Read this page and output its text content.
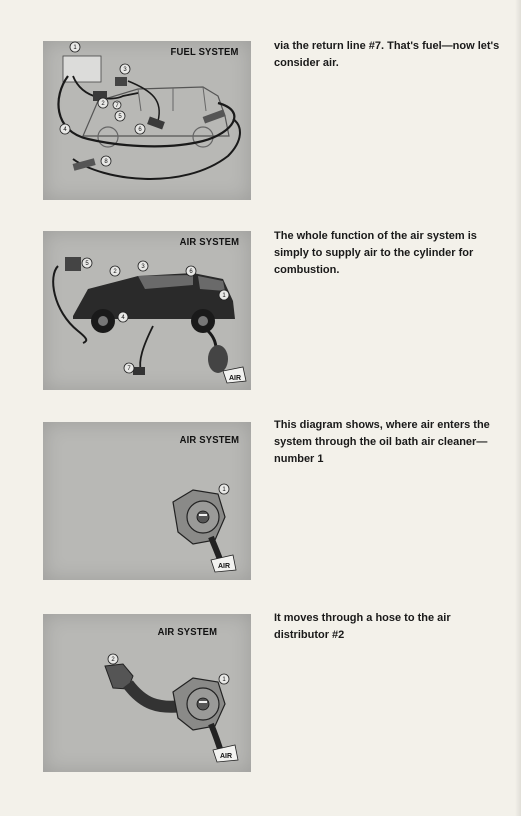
1
2
3
4
5
6
7
8
FUEL SYSTEM	via the return line #7. That's fuel—now let's consider air.

AIR
1
2
3
4
5
6
7
AIR SYSTEM	The whole function of the air system is simply to supply air to the cylinder for combustion.

AIR
1
AIR SYSTEM

This diagram shows, where air enters the system through the oil bath air cleaner—number 1

AIR
1
2
AIR SYSTEM

It moves through a hose to the air distributor #2
